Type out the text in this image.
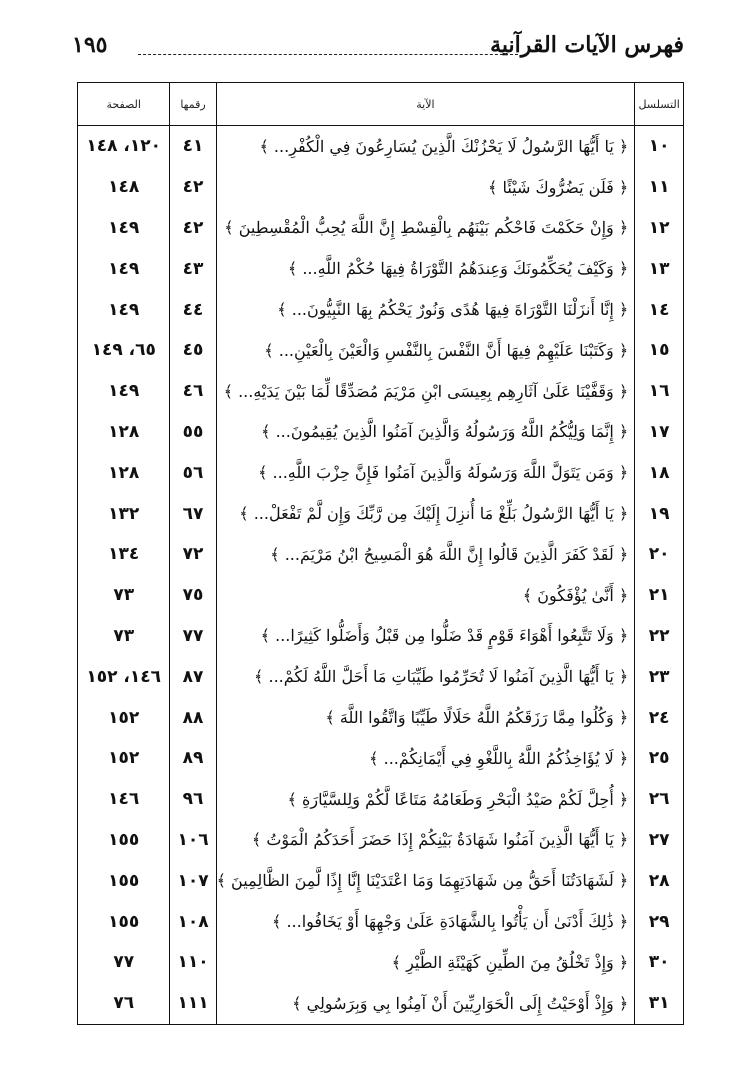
فهرس الآيات القرآنية
١٩٥
التسلسل	الآية	رقمها	الصفحة
١٠	﴿ يَا أَيُّهَا الرَّسُولُ لَا يَحْزُنْكَ الَّذِينَ يُسَارِعُونَ فِي الْكُفْرِ... ﴾	٤١	١٢٠، ١٤٨
١١	﴿ فَلَن يَضُرُّوكَ شَيْئًا ﴾	٤٢	١٤٨
١٢	﴿ وَإِنْ حَكَمْتَ فَاحْكُم بَيْنَهُم بِالْقِسْطِ إِنَّ اللَّهَ يُحِبُّ الْمُقْسِطِينَ ﴾	٤٢	١٤٩
١٣	﴿ وَكَيْفَ يُحَكِّمُونَكَ وَعِندَهُمُ التَّوْرَاةُ فِيهَا حُكْمُ اللَّهِ... ﴾	٤٣	١٤٩
١٤	﴿ إِنَّا أَنزَلْنَا التَّوْرَاةَ فِيهَا هُدًى وَنُورٌ يَحْكُمُ بِهَا النَّبِيُّونَ... ﴾	٤٤	١٤٩
١٥	﴿ وَكَتَبْنَا عَلَيْهِمْ فِيهَا أَنَّ النَّفْسَ بِالنَّفْسِ وَالْعَيْنَ بِالْعَيْنِ... ﴾	٤٥	٦٥، ١٤٩
١٦	﴿ وَقَفَّيْنَا عَلَىٰ آثَارِهِم بِعِيسَى ابْنِ مَرْيَمَ مُصَدِّقًا لِّمَا بَيْنَ يَدَيْهِ... ﴾	٤٦	١٤٩
١٧	﴿ إِنَّمَا وَلِيُّكُمُ اللَّهُ وَرَسُولُهُ وَالَّذِينَ آمَنُوا الَّذِينَ يُقِيمُونَ... ﴾	٥٥	١٢٨
١٨	﴿ وَمَن يَتَوَلَّ اللَّهَ وَرَسُولَهُ وَالَّذِينَ آمَنُوا فَإِنَّ حِزْبَ اللَّهِ... ﴾	٥٦	١٢٨
١٩	﴿ يَا أَيُّهَا الرَّسُولُ بَلِّغْ مَا أُنزِلَ إِلَيْكَ مِن رَّبِّكَ وَإِن لَّمْ تَفْعَلْ... ﴾	٦٧	١٣٢
٢٠	﴿ لَقَدْ كَفَرَ الَّذِينَ قَالُوا إِنَّ اللَّهَ هُوَ الْمَسِيحُ ابْنُ مَرْيَمَ... ﴾	٧٢	١٣٤
٢١	﴿ أَنَّىٰ يُؤْفَكُونَ ﴾	٧٥	٧٣
٢٢	﴿ وَلَا تَتَّبِعُوا أَهْوَاءَ قَوْمٍ قَدْ ضَلُّوا مِن قَبْلُ وَأَضَلُّوا كَثِيرًا... ﴾	٧٧	٧٣
٢٣	﴿ يَا أَيُّهَا الَّذِينَ آمَنُوا لَا تُحَرِّمُوا طَيِّبَاتِ مَا أَحَلَّ اللَّهُ لَكُمْ... ﴾	٨٧	١٤٦، ١٥٢
٢٤	﴿ وَكُلُوا مِمَّا رَزَقَكُمُ اللَّهُ حَلَالًا طَيِّبًا وَاتَّقُوا اللَّهَ ﴾	٨٨	١٥٢
٢٥	﴿ لَا يُؤَاخِذُكُمُ اللَّهُ بِاللَّغْوِ فِي أَيْمَانِكُمْ... ﴾	٨٩	١٥٢
٢٦	﴿ أُحِلَّ لَكُمْ صَيْدُ الْبَحْرِ وَطَعَامُهُ مَتَاعًا لَّكُمْ وَلِلسَّيَّارَةِ ﴾	٩٦	١٤٦
٢٧	﴿ يَا أَيُّهَا الَّذِينَ آمَنُوا شَهَادَةُ بَيْنِكُمْ إِذَا حَضَرَ أَحَدَكُمُ الْمَوْتُ ﴾	١٠٦	١٥٥
٢٨	﴿ لَشَهَادَتُنَا أَحَقُّ مِن شَهَادَتِهِمَا وَمَا اعْتَدَيْنَا إِنَّا إِذًا لَّمِنَ الظَّالِمِينَ ﴾	١٠٧	١٥٥
٢٩	﴿ ذَٰلِكَ أَدْنَىٰ أَن يَأْتُوا بِالشَّهَادَةِ عَلَىٰ وَجْهِهَا أَوْ يَخَافُوا... ﴾	١٠٨	١٥٥
٣٠	﴿ وَإِذْ تَخْلُقُ مِنَ الطِّينِ كَهَيْئَةِ الطَّيْرِ ﴾	١١٠	٧٧
٣١	﴿ وَإِذْ أَوْحَيْتُ إِلَى الْحَوَارِيِّينَ أَنْ آمِنُوا بِي وَبِرَسُولِي ﴾	١١١	٧٦
